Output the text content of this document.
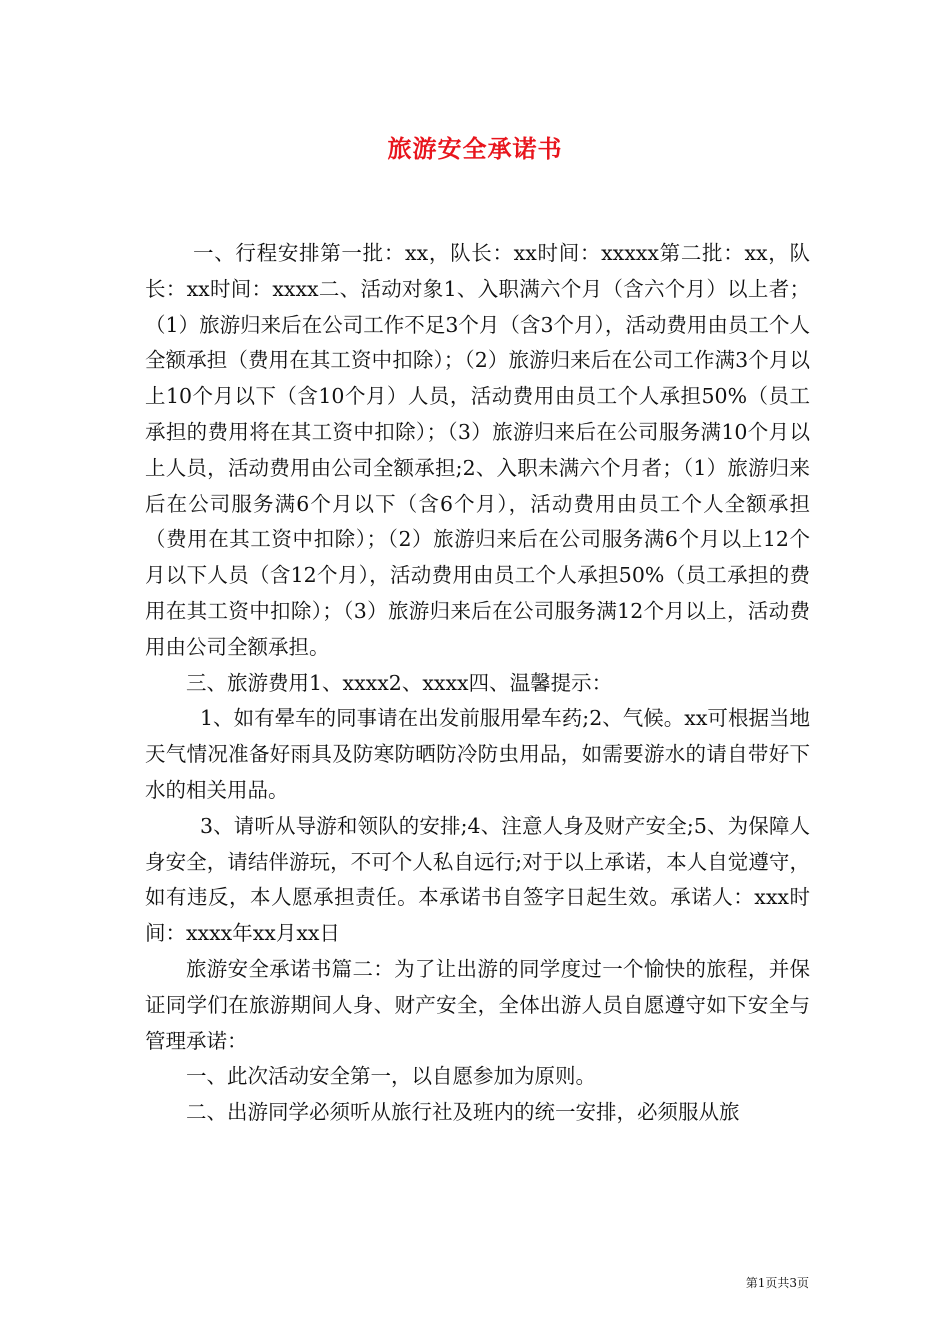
旅游安全承诺书

一、行程安排第一批：xx，队长：xx时间：xxxxx第二批：xx，队长：xx时间：xxxx二、活动对象1、入职满六个月（含六个月）以上者；（1）旅游归来后在公司工作不足3个月（含3个月），活动费用由员工个人全额承担（费用在其工资中扣除）；（2）旅游归来后在公司工作满3个月以上10个月以下（含10个月）人员，活动费用由员工个人承担50%（员工承担的费用将在其工资中扣除）；（3）旅游归来后在公司服务满10个月以上人员，活动费用由公司全额承担;2、入职未满六个月者；（1）旅游归来后在公司服务满6个月以下（含6个月），活动费用由员工个人全额承担（费用在其工资中扣除）；（2）旅游归来后在公司服务满6个月以上12个月以下人员（含12个月），活动费用由员工个人承担50%（员工承担的费用在其工资中扣除）；（3）旅游归来后在公司服务满12个月以上，活动费用由公司全额承担。

三、旅游费用1、xxxx2、xxxx四、温馨提示：

1、如有晕车的同事请在出发前服用晕车药;2、气候。xx可根据当地天气情况准备好雨具及防寒防晒防冷防虫用品，如需要游水的请自带好下水的相关用品。

3、请听从导游和领队的安排;4、注意人身及财产安全;5、为保障人身安全，请结伴游玩，不可个人私自远行;对于以上承诺，本人自觉遵守，如有违反，本人愿承担责任。本承诺书自签字日起生效。承诺人：xxx时间：xxxx年xx月xx日

旅游安全承诺书篇二：为了让出游的同学度过一个愉快的旅程，并保证同学们在旅游期间人身、财产安全，全体出游人员自愿遵守如下安全与管理承诺：

一、此次活动安全第一，以自愿参加为原则。

二、出游同学必须听从旅行社及班内的统一安排，必须服从旅

第1页共3页
